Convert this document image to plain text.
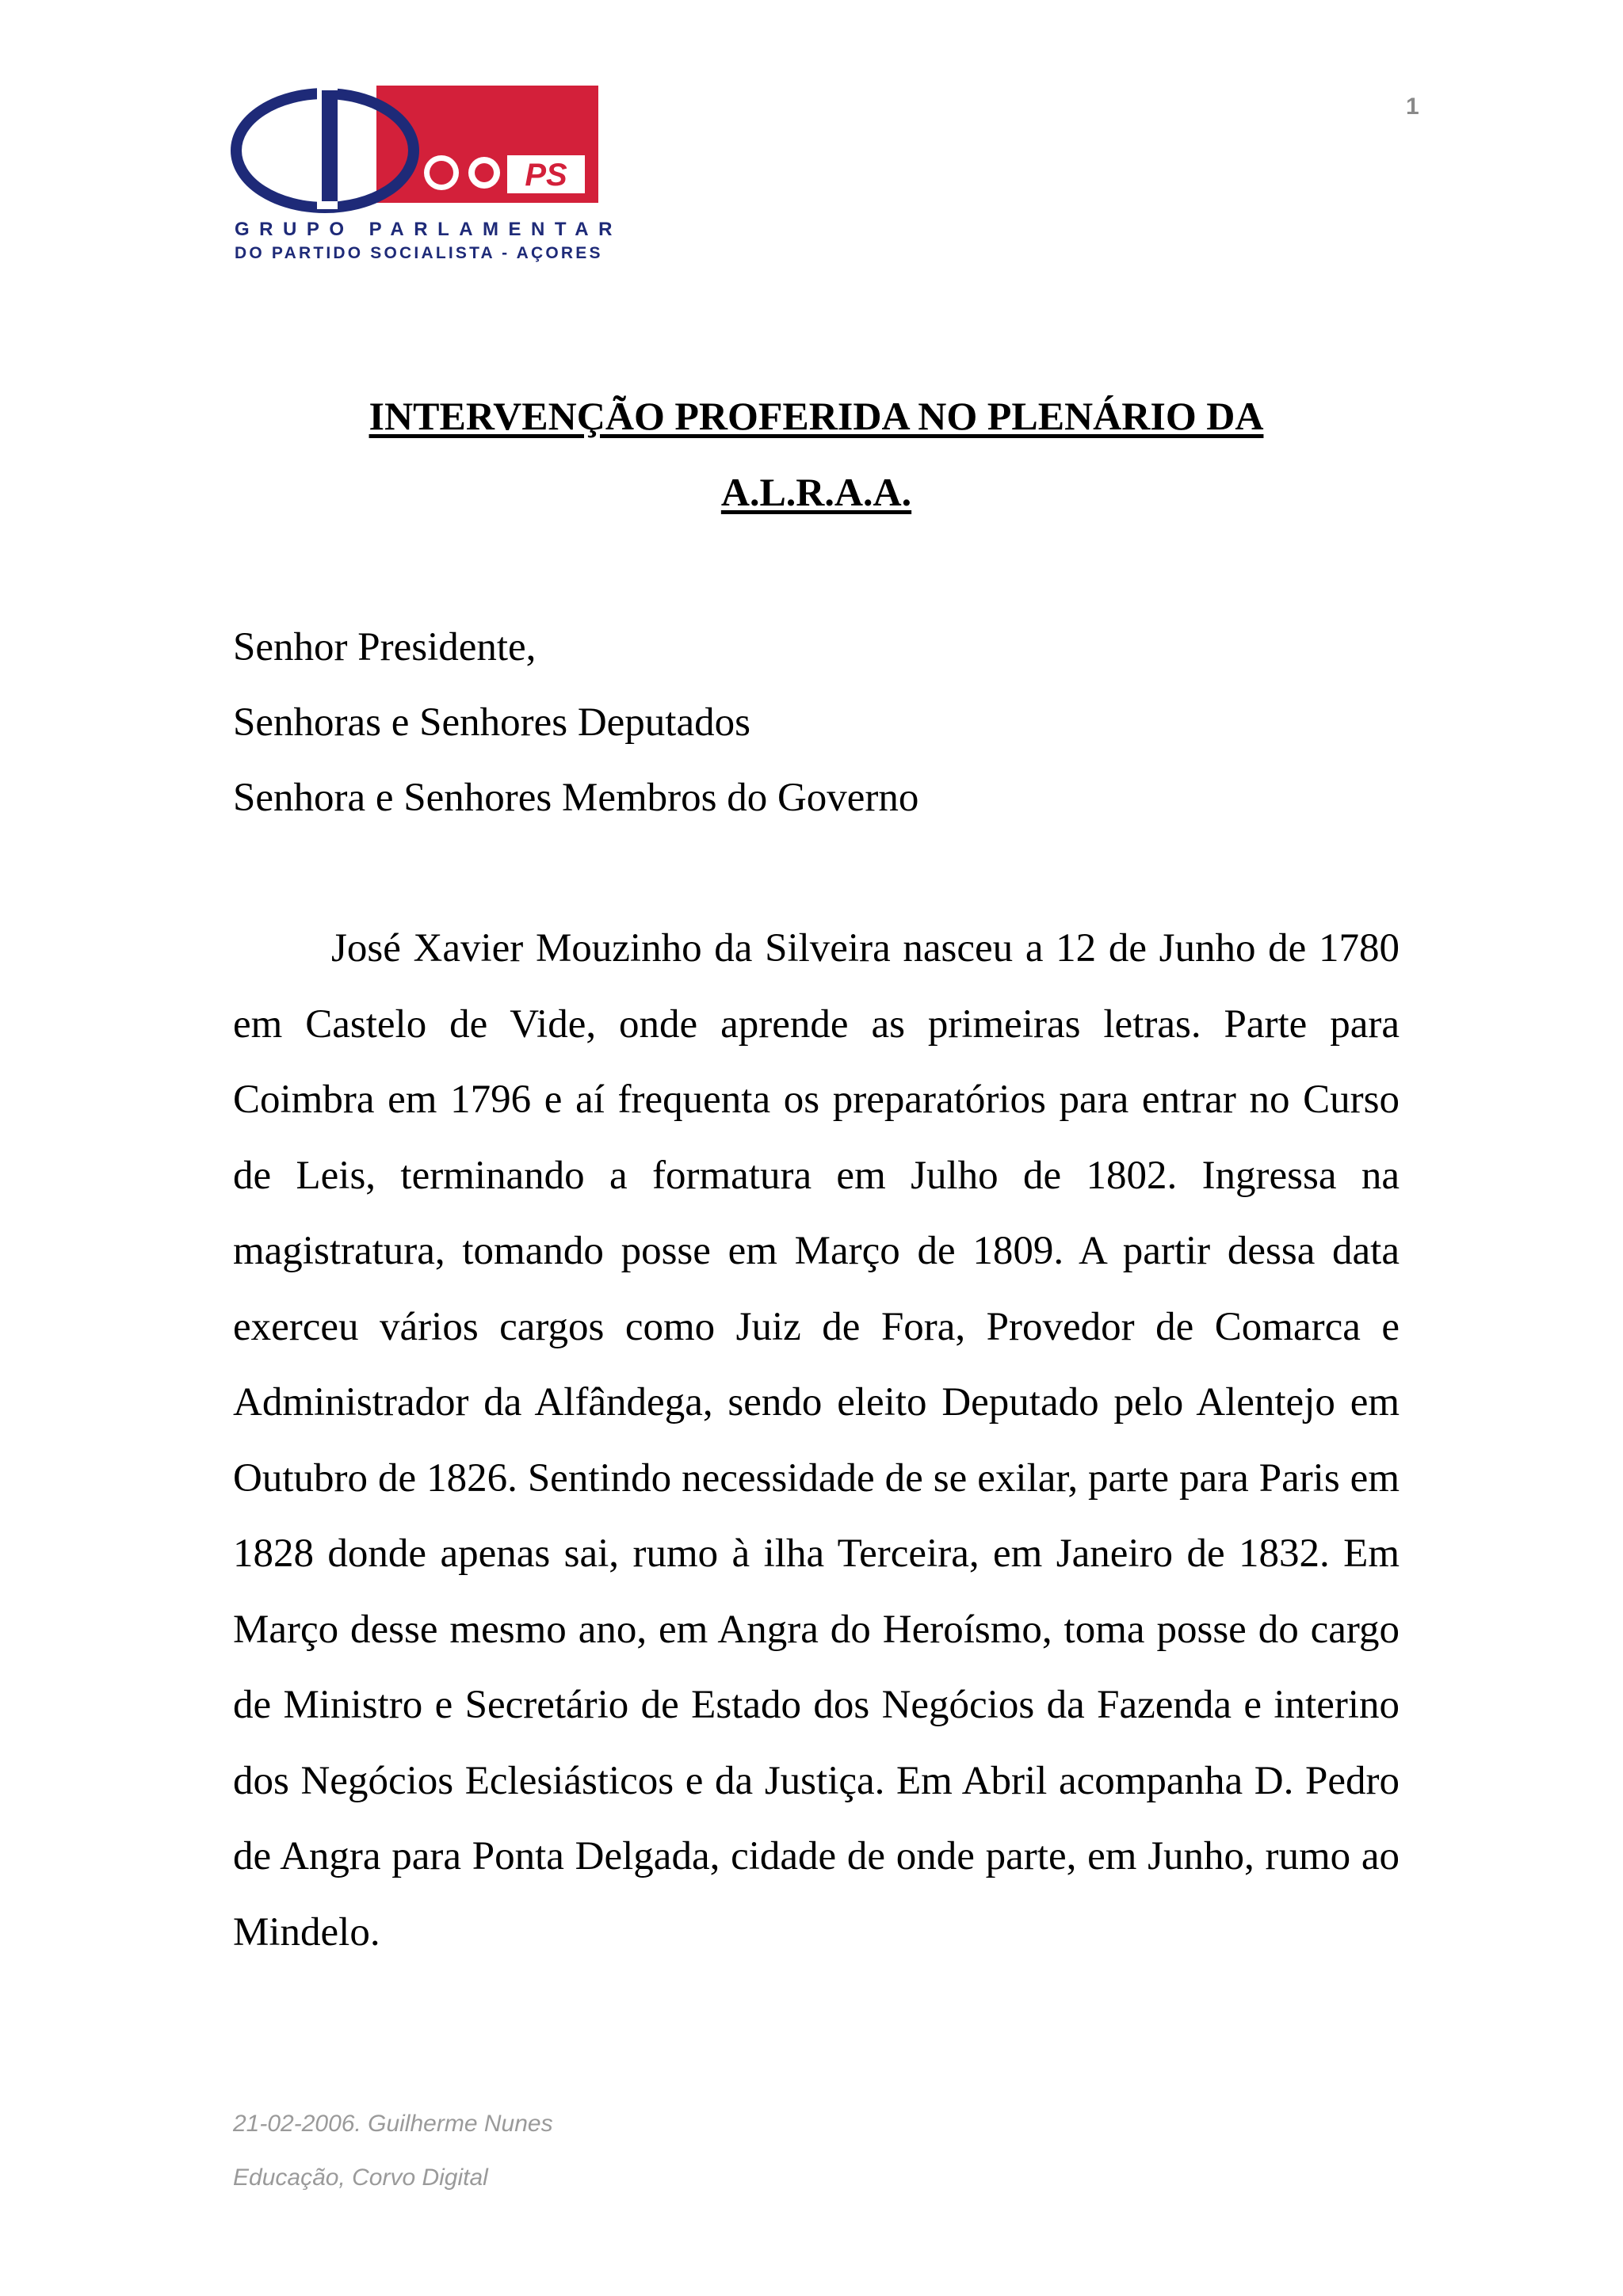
1
PS
GRUPO PARLAMENTAR
DO PARTIDO SOCIALISTA - AÇORES
INTERVENÇÃO PROFERIDA NO PLENÁRIO DA
A.L.R.A.A.
Senhor Presidente,
Senhoras e Senhores Deputados
Senhora e Senhores Membros do Governo

José Xavier Mouzinho da Silveira nasceu a 12 de Junho de 1780 em Castelo de Vide, onde aprende as primeiras letras. Parte para Coimbra em 1796 e aí frequenta os preparatórios para entrar no Curso de Leis, terminando a formatura em Julho de 1802. Ingressa na magistratura, tomando posse em Março de 1809. A partir dessa data exerceu vários cargos como Juiz de Fora, Provedor de Comarca e Administrador da Alfândega, sendo eleito Deputado pelo Alentejo em Outubro de 1826. Sentindo necessidade de se exilar, parte para Paris em 1828 donde apenas sai, rumo à ilha Terceira, em Janeiro de 1832. Em Março desse mesmo ano, em Angra do Heroísmo, toma posse do cargo de Ministro e Secretário de Estado dos Negócios da Fazenda e interino dos Negócios Eclesiásticos e da Justiça. Em Abril acompanha D. Pedro de Angra para Ponta Delgada, cidade de onde parte, em Junho, rumo ao Mindelo.

21-02-2006. Guilherme Nunes
Educação, Corvo Digital
